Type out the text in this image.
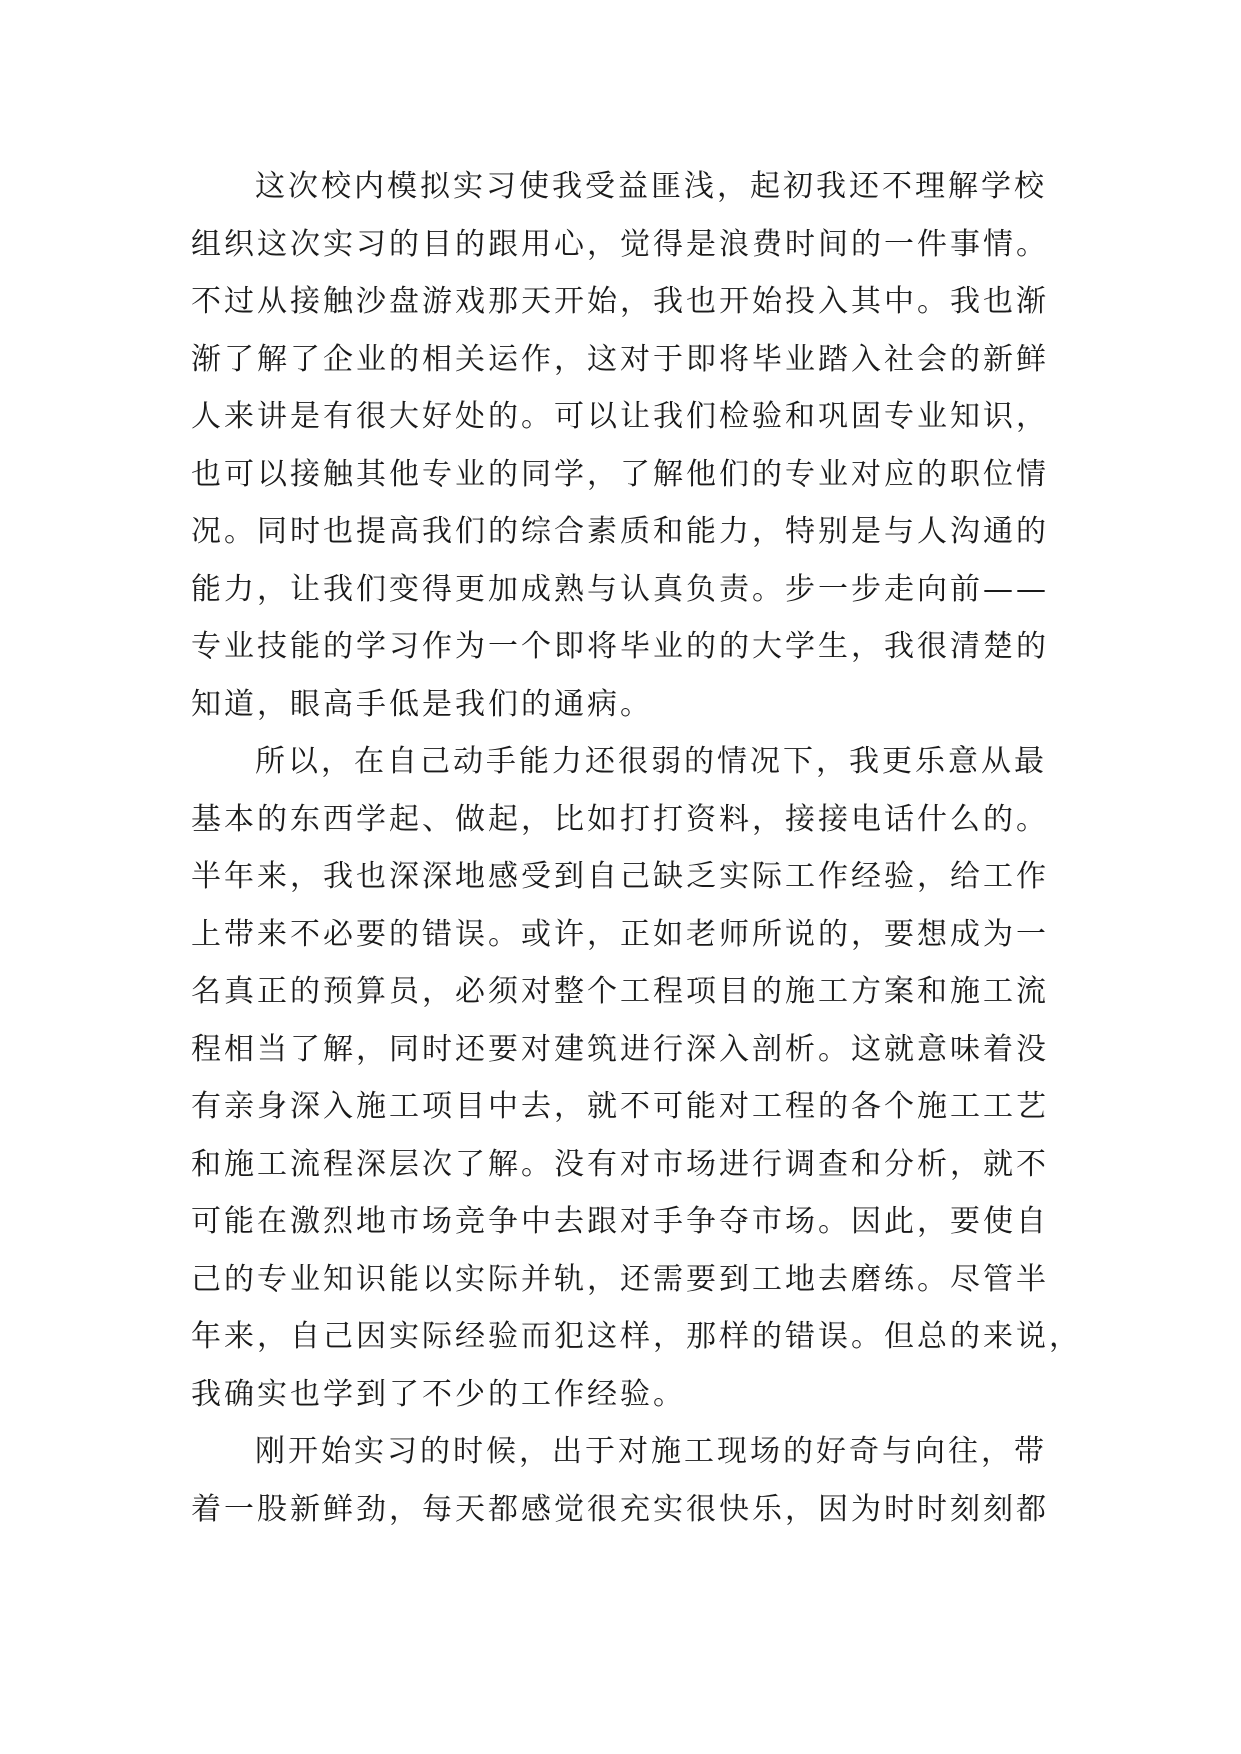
这次校内模拟实习使我受益匪浅，起初我还不理解学校
组织这次实习的目的跟用心，觉得是浪费时间的一件事情。
不过从接触沙盘游戏那天开始，我也开始投入其中。我也渐
渐了解了企业的相关运作，这对于即将毕业踏入社会的新鲜
人来讲是有很大好处的。可以让我们检验和巩固专业知识，
也可以接触其他专业的同学，了解他们的专业对应的职位情
况。同时也提高我们的综合素质和能力，特别是与人沟通的
能力，让我们变得更加成熟与认真负责。步一步走向前——
专业技能的学习作为一个即将毕业的的大学生，我很清楚的
知道，眼高手低是我们的通病。
所以，在自己动手能力还很弱的情况下，我更乐意从最
基本的东西学起、做起，比如打打资料，接接电话什么的。
半年来，我也深深地感受到自己缺乏实际工作经验，给工作
上带来不必要的错误。或许，正如老师所说的，要想成为一
名真正的预算员，必须对整个工程项目的施工方案和施工流
程相当了解，同时还要对建筑进行深入剖析。这就意味着没
有亲身深入施工项目中去，就不可能对工程的各个施工工艺
和施工流程深层次了解。没有对市场进行调查和分析，就不
可能在激烈地市场竞争中去跟对手争夺市场。因此，要使自
己的专业知识能以实际并轨，还需要到工地去磨练。尽管半
年来，自己因实际经验而犯这样，那样的错误。但总的来说，
我确实也学到了不少的工作经验。
刚开始实习的时候，出于对施工现场的好奇与向往，带
着一股新鲜劲，每天都感觉很充实很快乐，因为时时刻刻都
